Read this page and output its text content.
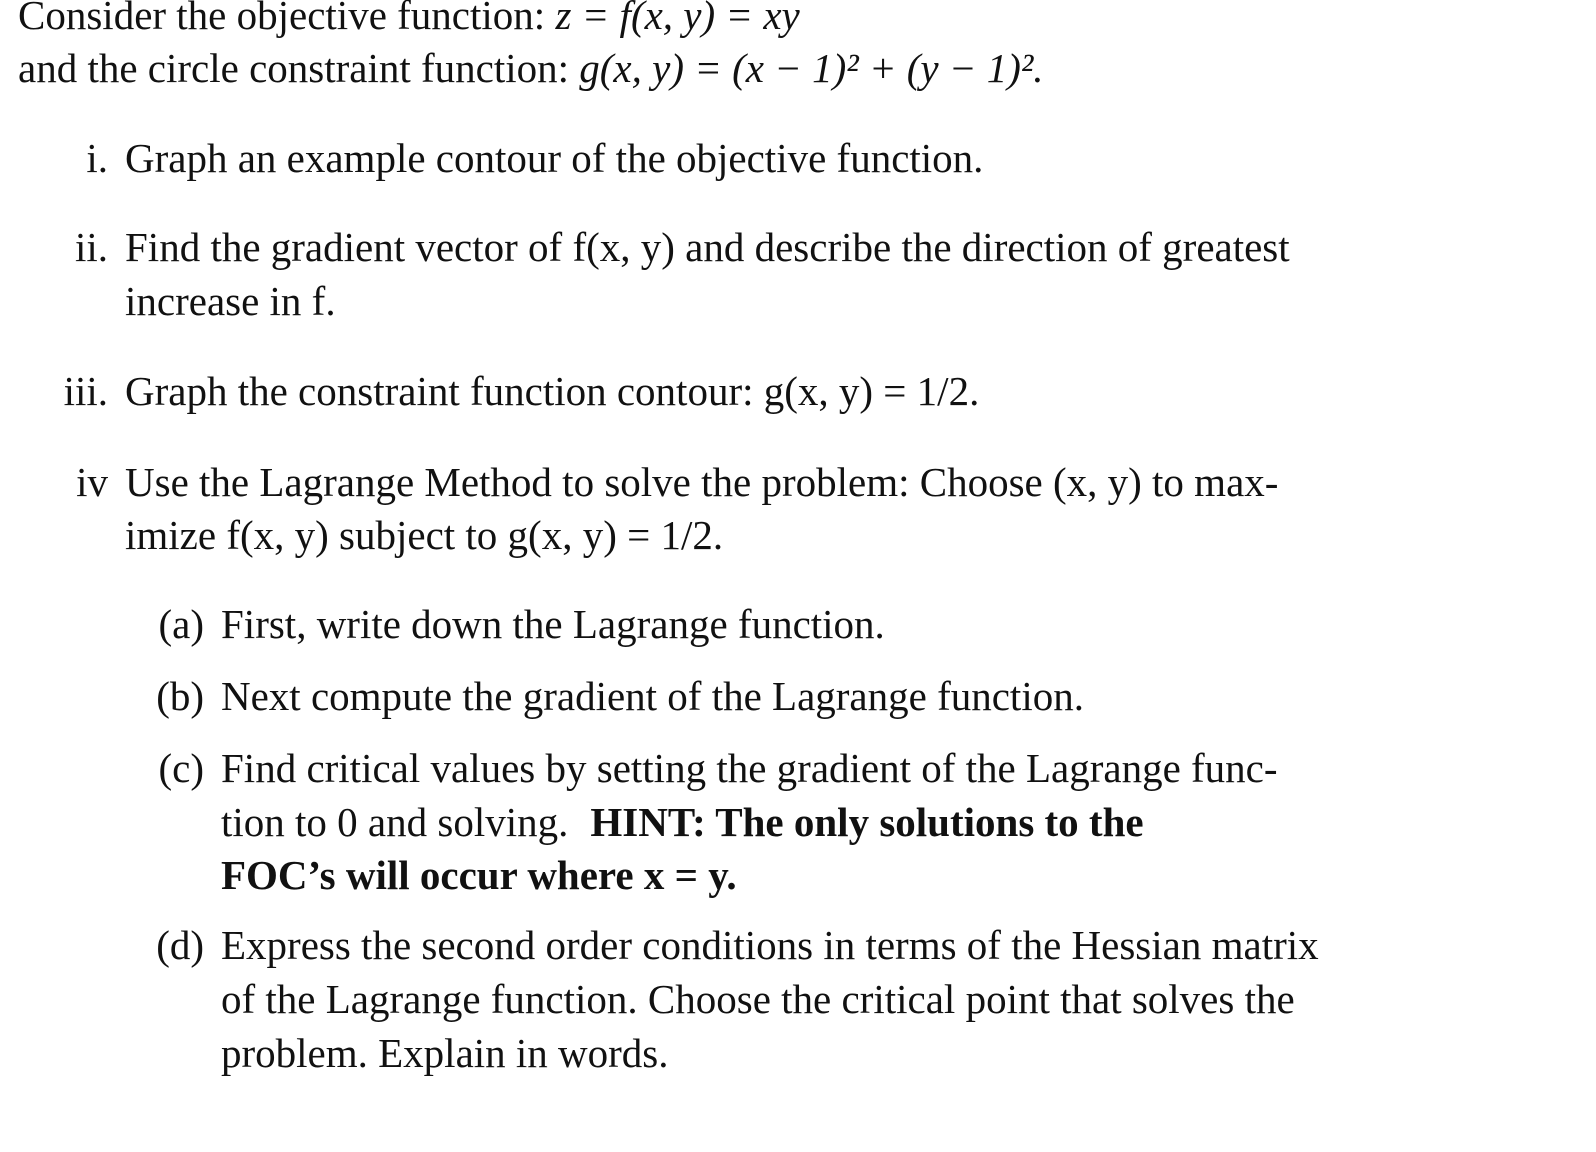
Consider the objective function: z = f(x, y) = xy
and the circle constraint function: g(x, y) = (x − 1)² + (y − 1)².
i. Graph an example contour of the objective function.
ii. Find the gradient vector of f(x, y) and describe the direction of greatest
increase in f.
iii. Graph the constraint function contour: g(x, y) = 1/2.
iv Use the Lagrange Method to solve the problem: Choose (x, y) to max-
imize f(x, y) subject to g(x, y) = 1/2.
(a) First, write down the Lagrange function.
(b) Next compute the gradient of the Lagrange function.
(c) Find critical values by setting the gradient of the Lagrange func-
tion to 0 and solving. HINT: The only solutions to the
FOC’s will occur where x = y.
(d) Express the second order conditions in terms of the Hessian matrix
of the Lagrange function. Choose the critical point that solves the
problem. Explain in words.
